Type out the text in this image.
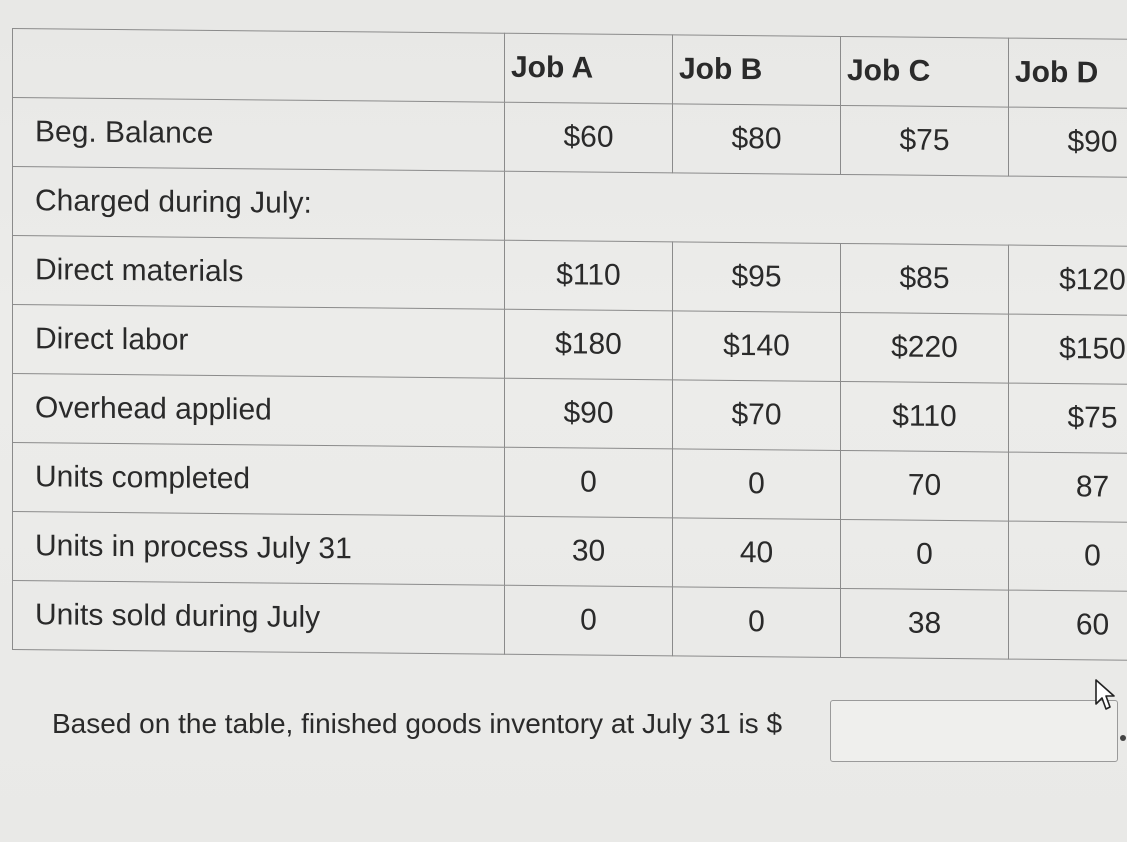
	Job A	Job B	Job C	Job D
Beg. Balance	$60	$80	$75	$90
Charged during July:				
Direct materials	$110	$95	$85	$120
Direct labor	$180	$140	$220	$150
Overhead applied	$90	$70	$110	$75
Units completed	0	0	70	87
Units in process July 31	30	40	0	0
Units sold during July	0	0	38	60
Based on the table, finished goods inventory at July 31 is $
